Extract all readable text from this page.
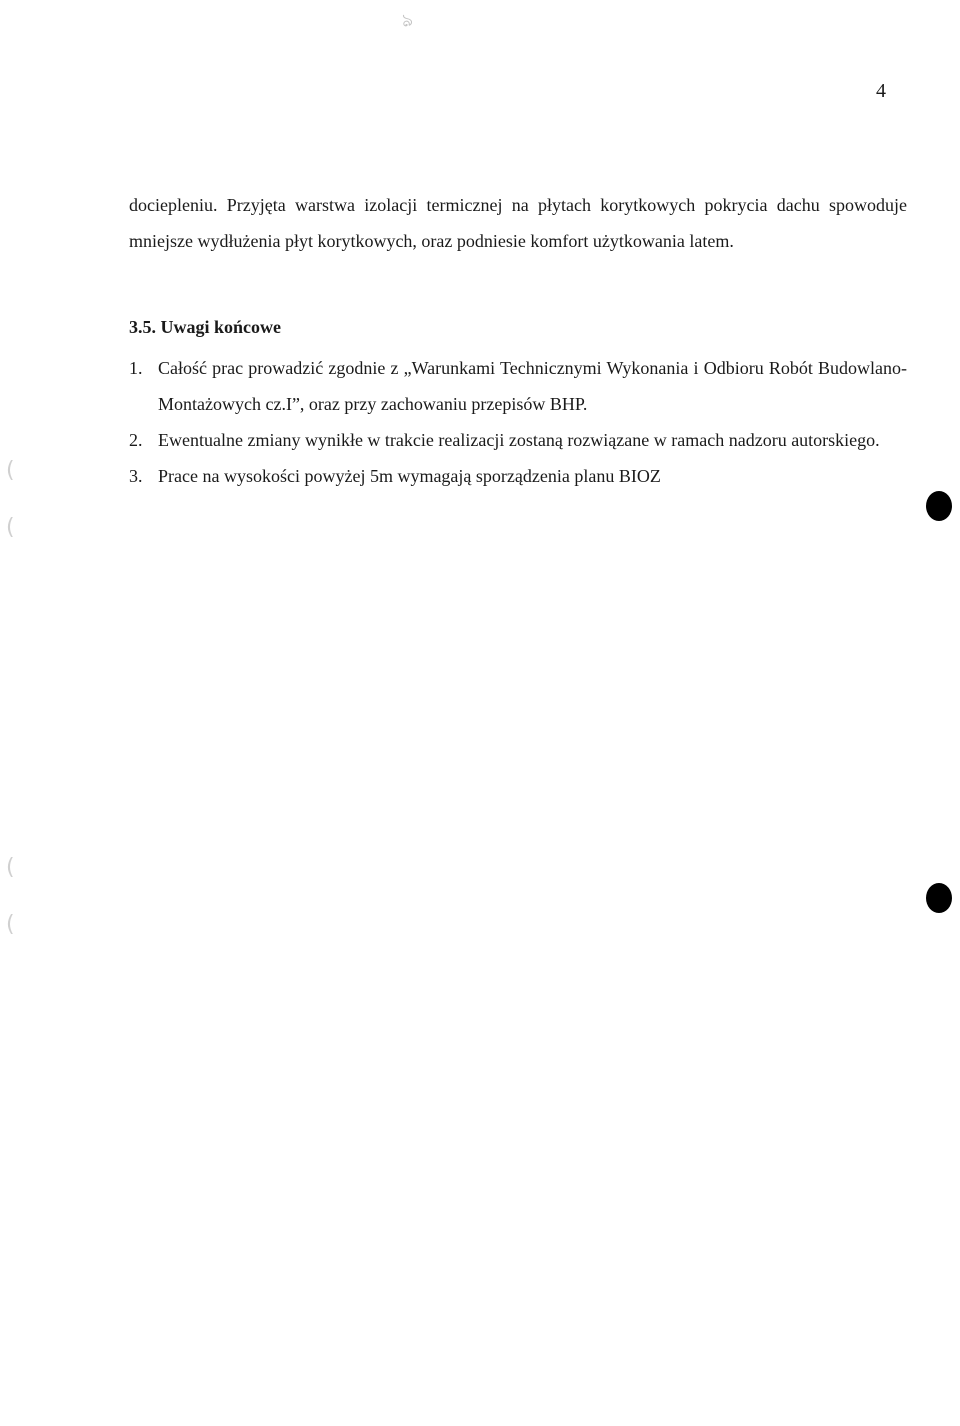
ঌ
4

docieplenіu. Przyjęta warstwa izolacji termicznej na płytach korytkowych pokrycia dachu spowoduje mniejsze wydłużenia płyt korytkowych, oraz podniesie komfort użytkowania latem.

3.5. Uwagi końcowe
1. Całość prac prowadzić zgodnie z „Warunkami Technicznymi Wykonania i Odbioru Robót Budowlano-Montażowych cz.I”, oraz przy zachowaniu przepisów BHP.
2. Ewentualne zmiany wynikłe w trakcie realizacji zostaną rozwiązane w ramach nadzoru autorskiego.
3. Prace na wysokości powyżej 5m wymagają sporządzenia planu BIOZ
(
(
(
(
